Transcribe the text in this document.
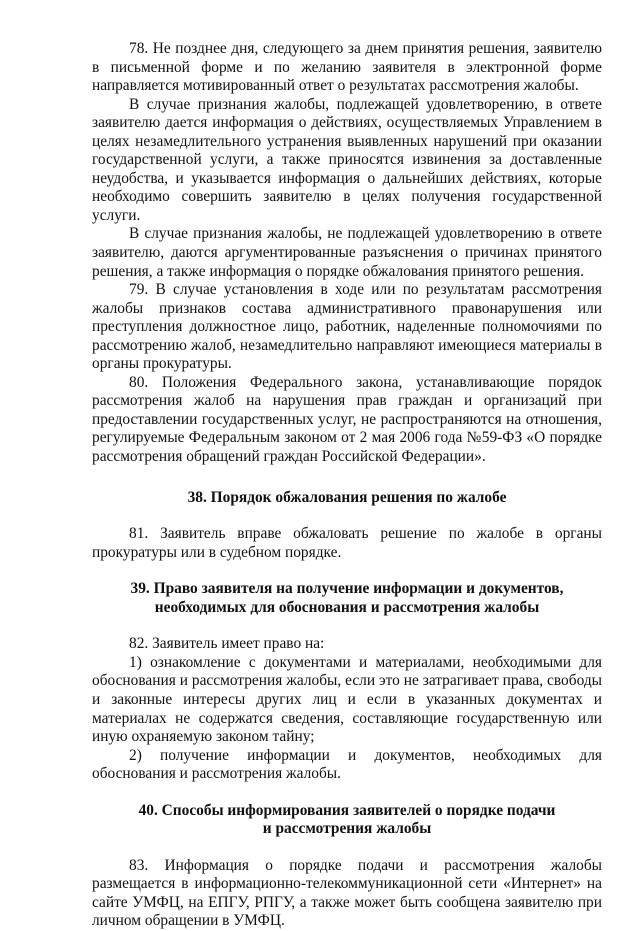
78. Не позднее дня, следующего за днем принятия решения, заявителю в письменной форме и по желанию заявителя в электронной форме направляется мотивированный ответ о результатах рассмотрения жалобы.

В случае признания жалобы, подлежащей удовлетворению, в ответе заявителю дается информация о действиях, осуществляемых Управлением в целях незамедлительного устранения выявленных нарушений при оказании государственной услуги, а также приносятся извинения за доставленные неудобства, и указывается информация о дальнейших действиях, которые необходимо совершить заявителю в целях получения государственной услуги.

В случае признания жалобы, не подлежащей удовлетворению в ответе заявителю, даются аргументированные разъяснения о причинах принятого решения, а также информация о порядке обжалования принятого решения.

79. В случае установления в ходе или по результатам рассмотрения жалобы признаков состава административного правонарушения или преступления должностное лицо, работник, наделенные полномочиями по рассмотрению жалоб, незамедлительно направляют имеющиеся материалы в органы прокуратуры.

80. Положения Федерального закона, устанавливающие порядок рассмотрения жалоб на нарушения прав граждан и организаций при предоставлении государственных услуг, не распространяются на отношения, регулируемые Федеральным законом от 2 мая 2006 года №59-ФЗ «О порядке рассмотрения обращений граждан Российской Федерации».

38. Порядок обжалования решения по жалобе

81. Заявитель вправе обжаловать решение по жалобе в органы прокуратуры или в судебном порядке.

39. Право заявителя на получение информации и документов,
необходимых для обоснования и рассмотрения жалобы

82. Заявитель имеет право на:

1) ознакомление с документами и материалами, необходимыми для обоснования и рассмотрения жалобы, если это не затрагивает права, свободы и законные интересы других лиц и если в указанных документах и материалах не содержатся сведения, составляющие государственную или иную охраняемую законом тайну;

2) получение информации и документов, необходимых для обоснования и рассмотрения жалобы.

40. Способы информирования заявителей о порядке подачи
и рассмотрения жалобы

83. Информация о порядке подачи и рассмотрения жалобы размещается в информационно-телекоммуникационной сети «Интернет» на сайте УМФЦ, на ЕПГУ, РПГУ, а также может быть сообщена заявителю при личном обращении в УМФЦ.
